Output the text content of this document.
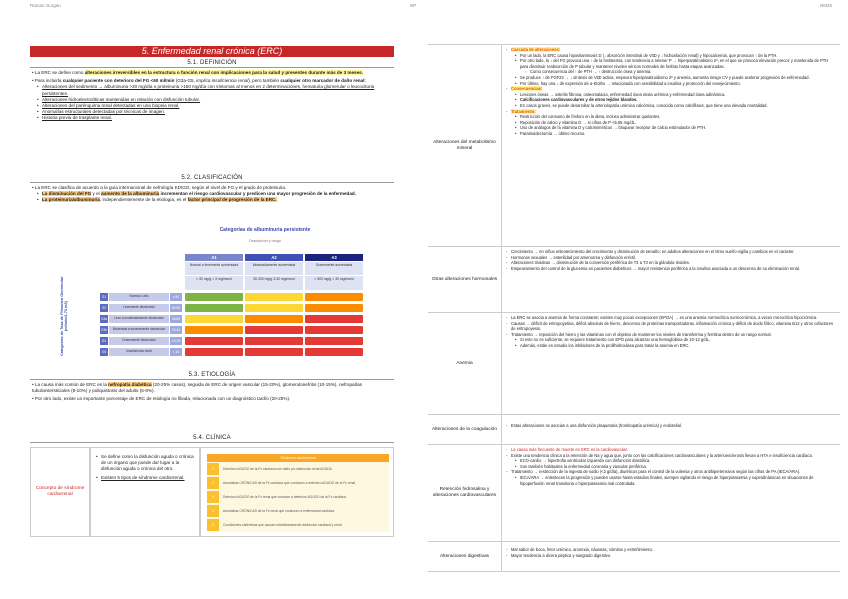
Raman Gurgan	NP
5. Enfermedad renal crónica (ERC)
5.1. DEFINICIÓN
• La ERC se define como alteraciones irreversibles en la estructura o función renal con implicaciones para la salud y presentes durante más de 3 meses.
• Para incluirla cualquier paciente con deterioro del FG <60 ml/min (G3a-G5, implica insuficiencia renal), pero también cualquier otro marcador de daño renal:
• Alteraciones del sedimento → albuminuria >30 mg/día o proteinuria >150 mg/día con síntomas al menos en 2 determinaciones, hematuria glomerular o leucocituria persistentes.
• Alteraciones hidroelectrolíticas mantenidas en relación con disfunción tubular.
• Alteraciones del parénquima renal detectadas en una biopsia renal.
• Anomalías estructurales detectadas por técnicas de imagen.
• Historia previa de trasplante renal.
5.2. CLASIFICACIÓN
• La ERC se clasifica de acuerdo a la guía internacional de nefrología KDIGO, según el nivel de FG y el grado de proteinuria.
• La disminución del FG y el aumento de la albuminuria incrementan el riesgo cardiovascular y predicen una mayor progresión de la enfermedad.
• La proteinuria/albuminuria, independientemente de la etiología, es el factor principal de progresión de la ERC.
Categorías de albuminuria persistente
Descripción y rango
Categorías de Tasa de Filtración Glomerular (ml/min/1,73 m2)
A1	A2	A3
Normal a levemente aumentada	Moderadamente aumentada	Gravemente aumentada
< 30 mg/g < 3 mg/mmol	30-300 mg/g 3-30 mg/mmol	> 300 mg/g > 30 mg/mmol
G1	Normal o alto	≥ 90
G2	Levemente disminuido	60-89
G3a	Leve a moderadamente disminuido	45-59
G3b	Moderada a severamente disminuido	30-44
G4	Gravemente disminuido	15-29
G5	Insuficiencia renal	< 15
5.3. ETIOLOGÍA
• La causa más común de ERC es la nefropatía diabética (20-25% casos), seguida de ERC de origen vascular (15-20%), glomerulonefritis (10-15%), nefropatías tubulointersticiales (8-10%) y poliquistosis del adulto (5-8%).
• Por otro lado, existe un importante porcentaje de ERC de etiología no filiada, relacionada con un diagnóstico tardío (20-25%).
5.4. CLÍNICA
Concepto de síndrome cardiorrenal
• Se define como la disfunción aguda o crónica de un órgano que puede dar lugar a la disfunción aguda o crónica del otro.
• Existen 5 tipos de síndrome cardiorrenal.
Síndrome cardiorrenal
1	Deterioro AGUDO de la Fx cardíaca con daño y/o disfunción renal AGUDA
2	Anomalías CRÓNICAS de la Fx cardíaca que conducen a deterioro AGUDO de la Fx renal
3	Deterioro AGUDO de la Fx renal que conduce a deterioro AGUDO de la Fx cardíaca
4	Anomalías CRÓNICAS de la Fx renal que conducen a enfermedad cardíaca
5	Condiciones sistémicas que causan simultáneamente disfunción cardíaca y renal
NM25
Alteraciones del metabolismo mineral
- Cascada de alteraciones:
• Por un lado, la ERC causa hipovitaminosis D (↓ absorción intestinal de VitD y ↓ hidroxilación renal) y hipocalcemia, que provocan ↑ de la PTH.
• Por otro lado, la ↓ del FG provoca una ↑ de la fosfatemia, con tendencia a retener P → hiperparatiroidismo 2º, en el que se provoca elevación precoz y mantenida de PTH para disminuir reabsorción de P tubular y mantener niveles séricos normales de fosfato hasta etapas avanzadas.
◦ Como consecuencia del ↑ de PTH → ↑ destrucción ósea y anemia.
• Se produce ↑ de FGF23 → ↓ síntesis de VitD activa, empeora hiperparatiroidismo 2º y anemia, aumenta riesgo CV y puede acelerar progresión de enfermedad.
• Por último, hay una ↓ de expresión de α-Klotho → relacionada con sensibilidad a insulina y protección del envejecimiento.
- Consecuencias:
• Lesiones óseas → osteítis fibrosa, osteomalacia, enfermedad ósea mixta urémica y enfermedad ósea adinámica.
• Calcificaciones cardiovasculares y de otros tejidos blandos.
• En casos graves, se puede desarrollar la arteriolopatía urémica calcémica, conocida como calcifilaxis, que tiene una elevada mortalidad.
- Tratamiento:
• Restricción del consumo de fósforo en la dieta, incluso administrar quelantes.
• Reposición de calcio y vitamina D → si cifras de P <5.55 mg/dL.
• Uso de análogos de la vitamina D y calcimiméticos → bloquear receptor de calcio estimulador de PTH.
• Paratiroidectomía → último recurso.
Otras alteraciones hormonales
- Crecimiento → en niños enlentecimiento del crecimiento y disminución de tamaño; en adultos alteraciones en el ritmo sueño-vigilia y cambios en el carácter.
- Hormonas sexuales → esterilidad por amenorrea y disfunción eréctil.
- Alteraciones tiroideas → disminución de la conversión periférica de T4 a T3 en la glándula tiroides.
- Empeoramiento del control de la glucemia en pacientes diabéticos → mayor resistencia periférica a la insulina asociada a un descenso de su eliminación renal.
Anemia
- La ERC se asocia a anemia de forma constante; existen muy pocas excepciones (EPOA) → es una anemia normocítica normocrómica, a veces microcítica hipocrómica.
- Causas → déficit de eritropoyetina, déficit absoluto de hierro, descenso de proteínas transportadoras, inflamación crónica y déficit de ácido fólico, vitamina B12 y otros cofactores de eritropoyesis.
- Tratamiento → reposición del hierro y las vitaminas con el objetivo de mantener los niveles de transferrina y ferritina dentro de un rango normal.
• Si esto no es suficiente, se requiere tratamiento con EPO para alcanzar una hemoglobina de 10-12 g/dL.
• Además, están en estudio los inhibidores de la prolilhidroxilasa para tratar la anemia en ERC.
Alteraciones de la coagulación
- Estas alteraciones se asocian a una disfunción plaquetaria (trombopatía urémica) y endotelial.
Retención hidrosalina y alteraciones cardiovasculares
- La causa más frecuente de muerte en ERC es la cardiovascular.
- Existe una tendencia clínica a la retención de Na y agua que, junto con las calcificaciones cardiovasculares y la arterioesclerosis llevan a HTA e insuficiencia cardíaca.
• ECO-cardio → hipertrofia ventricular izquierda con disfunción diastólica.
• Son también habituales la enfermedad coronaria y vascular periférica.
- Tratamiento → restricción de la ingesta de sodio (<2 g/día), diuréticos para el control de la volemia y otros antihipertensivos según las cifras de PA (IECA/ARA).
• IECA/ARA → enlentecen la progresión y pueden usarse hasta estadios finales, siempre vigilando el riesgo de hiperpotasemia y superdinámicas en situaciones de hipoperfusión renal transitoria o hiperpotasemia mal controlada.
Alteraciones digestivas
- Mal sabor de boca, fetor urémico, anorexia, náuseas, vómitos y estreñimiento.
- Mayor tendencia a úlcera péptica y sangrado digestivo.
